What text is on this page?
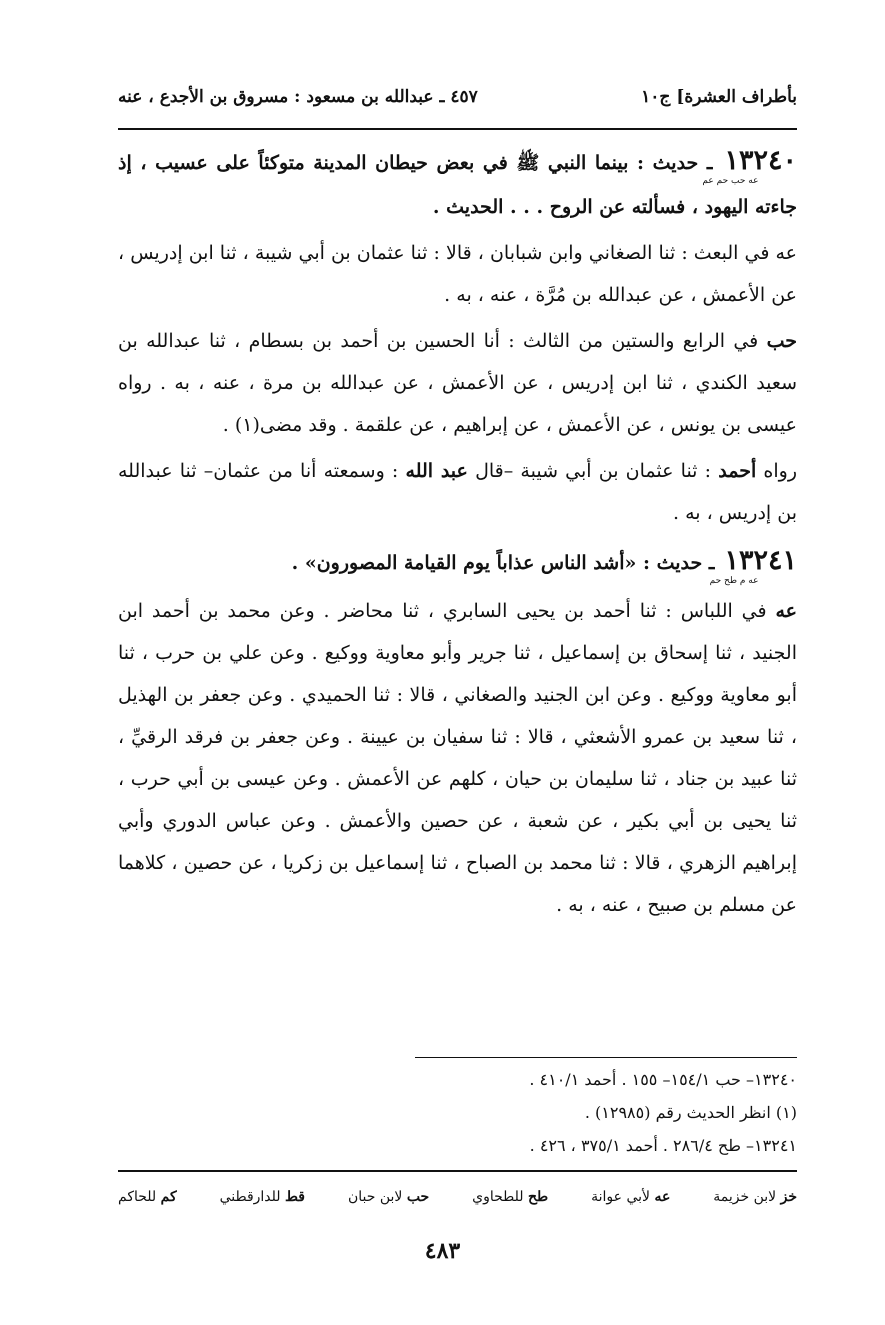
بأطراف العشرة] ج١٠
٤٥٧ ـ عبدالله بن مسعود : مسروق بن الأجدع ، عنه

١٣٢٤٠عه حب حم عم ـ حديث : بينما النبي ﷺ في بعض حيطان المدينة متوكئاً على عسيب ، إذ جاءته اليهود ، فسألته عن الروح . . . الحديث .

عه في البعث : ثنا الصغاني وابن شبابان ، قالا : ثنا عثمان بن أبي شيبة ، ثنا ابن إدريس ، عن الأعمش ، عن عبدالله بن مُرَّة ، عنه ، به .

حب في الرابع والستين من الثالث : أنا الحسين بن أحمد بن بسطام ، ثنا عبدالله بن سعيد الكندي ، ثنا ابن إدريس ، عن الأعمش ، عن عبدالله بن مرة ، عنه ، به . رواه عيسى بن يونس ، عن الأعمش ، عن إبراهيم ، عن علقمة . وقد مضى(١) .

رواه أحمد : ثنا عثمان بن أبي شيبة –قال عبد الله : وسمعته أنا من عثمان– ثنا عبدالله بن إدريس ، به .

١٣٢٤١عه م طح حم ـ حديث : «أشد الناس عذاباً يوم القيامة المصورون» .

عه في اللباس : ثنا أحمد بن يحيى السابري ، ثنا محاضر . وعن محمد بن أحمد ابن الجنيد ، ثنا إسحاق بن إسماعيل ، ثنا جرير وأبو معاوية ووكيع . وعن علي بن حرب ، ثنا أبو معاوية ووكيع . وعن ابن الجنيد والصغاني ، قالا : ثنا الحميدي . وعن جعفر بن الهذيل ، ثنا سعيد بن عمرو الأشعثي ، قالا : ثنا سفيان بن عيينة . وعن جعفر بن فرقد الرقيِّ ، ثنا عبيد بن جناد ، ثنا سليمان بن حيان ، كلهم عن الأعمش . وعن عيسى بن أبي حرب ، ثنا يحيى بن أبي بكير ، عن شعبة ، عن حصين والأعمش . وعن عباس الدوري وأبي إبراهيم الزهري ، قالا : ثنا محمد بن الصباح ، ثنا إسماعيل بن زكريا ، عن حصين ، كلاهما عن مسلم بن صبيح ، عنه ، به .

١٣٢٤٠– حب ١٥٤/١– ١٥٥ . أحمد ٤١٠/١ .
(١) انظر الحديث رقم (١٢٩٨٥) .
١٣٢٤١– طح ٢٨٦/٤ . أحمد ٣٧٥/١ ، ٤٢٦ .
خز لابن خزيمة
عه لأبي عوانة
طح للطحاوي
حب لابن حبان
قط للدارقطني
كم للحاكم
٤٨٣
